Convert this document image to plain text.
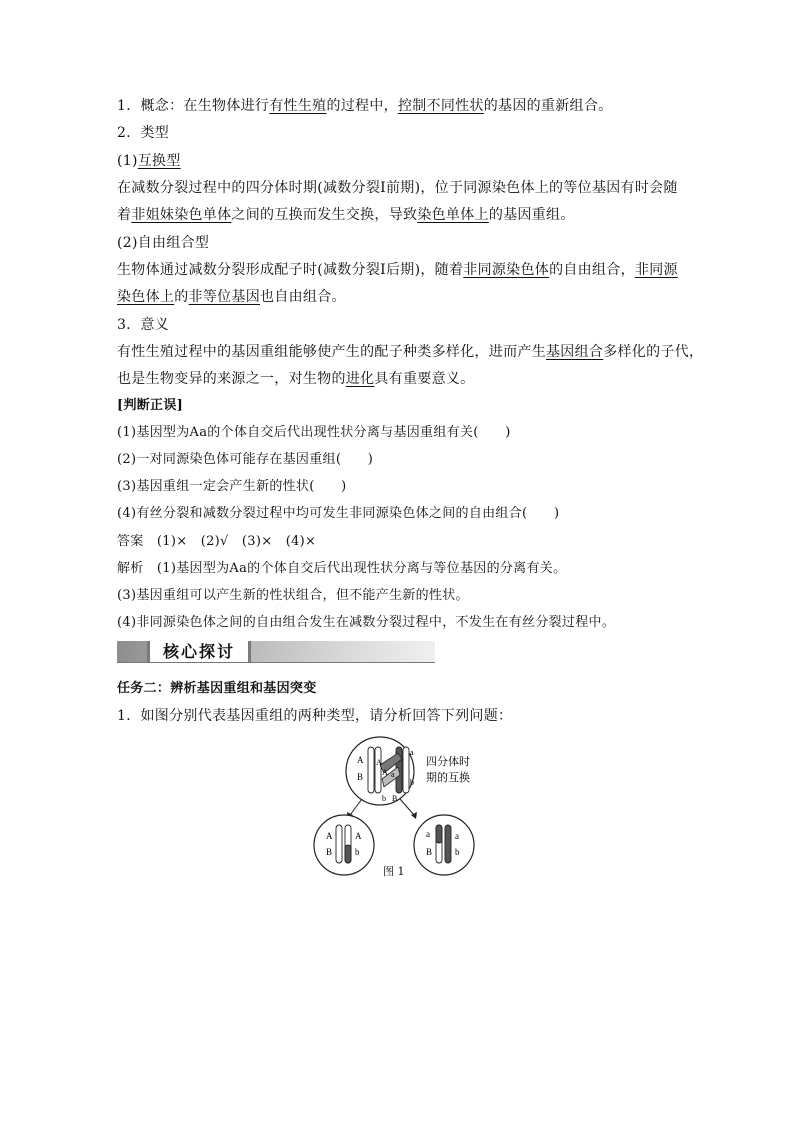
1．概念：在生物体进行有性生殖的过程中，控制不同性状的基因的重新组合。
2．类型
(1)互换型
在减数分裂过程中的四分体时期(减数分裂Ⅰ前期)，位于同源染色体上的等位基因有时会随
着非姐妹染色单体之间的互换而发生交换，导致染色单体上的基因重组。
(2)自由组合型
生物体通过减数分裂形成配子时(减数分裂Ⅰ后期)，随着非同源染色体的自由组合，非同源
染色体上的非等位基因也自由组合。
3．意义
有性生殖过程中的基因重组能够使产生的配子种类多样化，进而产生基因组合多样化的子代，
也是生物变异的来源之一，对生物的进化具有重要意义。
[判断正误]
(1)基因型为Aa的个体自交后代出现性状分离与基因重组有关(　　)
(2)一对同源染色体可能存在基因重组(　　)
(3)基因重组一定会产生新的性状(　　)
(4)有丝分裂和减数分裂过程中均可发生非同源染色体之间的自由组合(　　)
答案　 (1)×　(2)√　(3)×　(4)×
解析　 (1)基因型为Aa的个体自交后代出现性状分离与等位基因的分离有关。
(3)基因重组可以产生新的性状组合，但不能产生新的性状。
(4)非同源染色体之间的自由组合发生在减数分裂过程中，不发生在有丝分裂过程中。
核心探讨
任务二：辨析基因重组和基因突变
1．如图分别代表基因重组的两种类型，请分析回答下列问题：
A
B
A
A
b B
a
a
b
四分体时
期的互换
A
B
A
b
a
B
a
b
图 1
